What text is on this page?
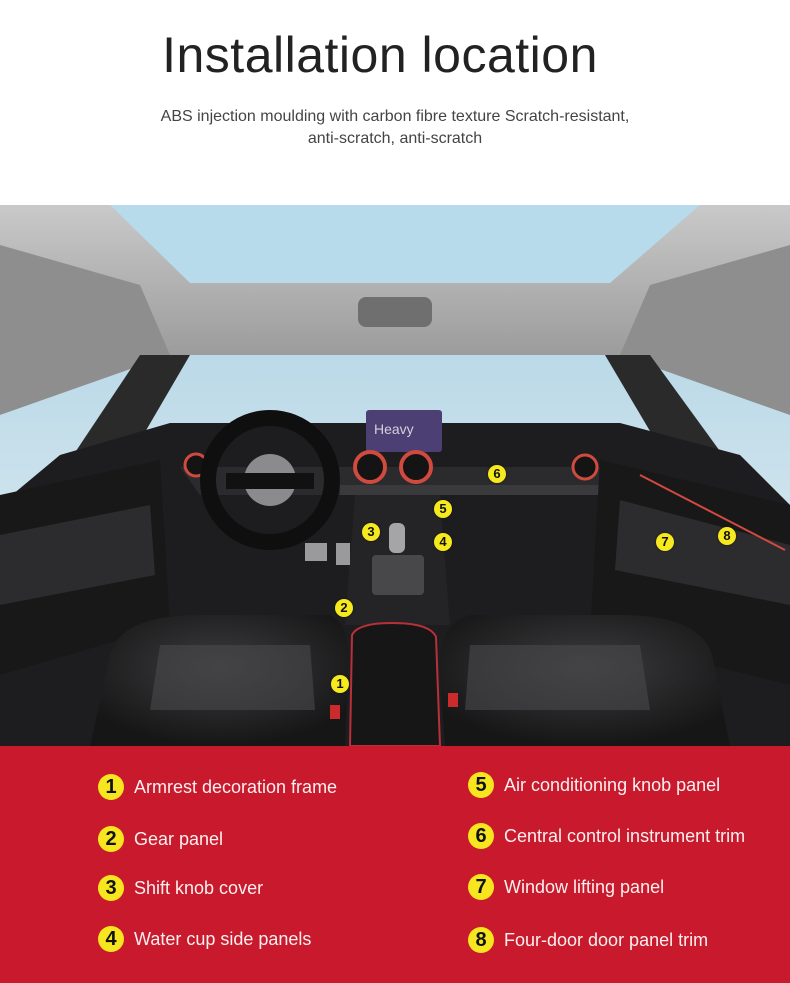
Installation location
ABS injection moulding with carbon fibre texture Scratch-resistant, anti-scratch, anti-scratch
Heavy
1
2
3
4
5
6
7	8
1 Armrest decoration frame
2 Gear panel
3 Shift knob cover
4 Water cup side panels
5 Air conditioning knob panel
6 Central control instrument trim
7 Window lifting panel
8 Four-door door panel trim
